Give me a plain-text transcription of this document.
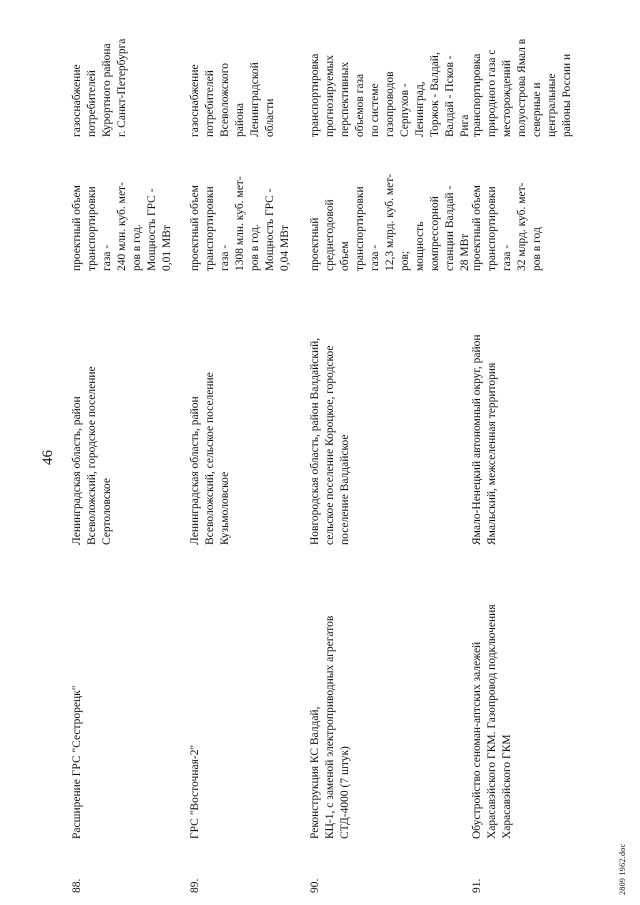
46
88.
Расширение ГРС "Сестрорецк"
Ленинградская область, район Всеволожский, городское поселение Сертоловское
проектный объем транспортировки газа - 240 млн. куб. мет- ров в год. Мощность ГРС - 0,01 МВт
газоснабжение потребителей Курортного района г. Санкт-Петербурга
89.
ГРС "Восточная-2"
Ленинградская область, район Всеволожский, сельское поселение Кузьмоловское
проектный объем транспортировки газа - 1308 млн. куб. мет- ров в год. Мощность ГРС - 0,04 МВт
газоснабжение потребителей Всеволожского района Ленинградской области
90.
Реконструкция КС Валдай, КЦ-1, с заменой электроприводных агрегатов СТД-4000 (7 штук)
Новгородская область, район Валдайский, сельское поселение Короцкое, городское поселение Валдайское
проектный среднегодовой объем транспортировки газа - 12,3 млрд. куб. мет- ров; мощность компрессорной станции Валдай - 28 МВт
транспортировка прогнозируемых перспективных объемов газа по системе газопроводов Серпухов - Ленинград, Торжок - Валдай, Валдай - Псков - Рига
91.
Обустройство сеноман-аптских залежей Харасавэйского ГКМ. Газопровод подключения Харасавэйского ГКМ
Ямало-Ненецкий автономный округ, район Ямальский, межселенная территория
проектный объем транспортировки газа - 32 млрд. куб. мет- ров в год
транспортировка природного газа с месторождений полуострова Ямал в северные и центральные районы России и
2809 1962.doc
